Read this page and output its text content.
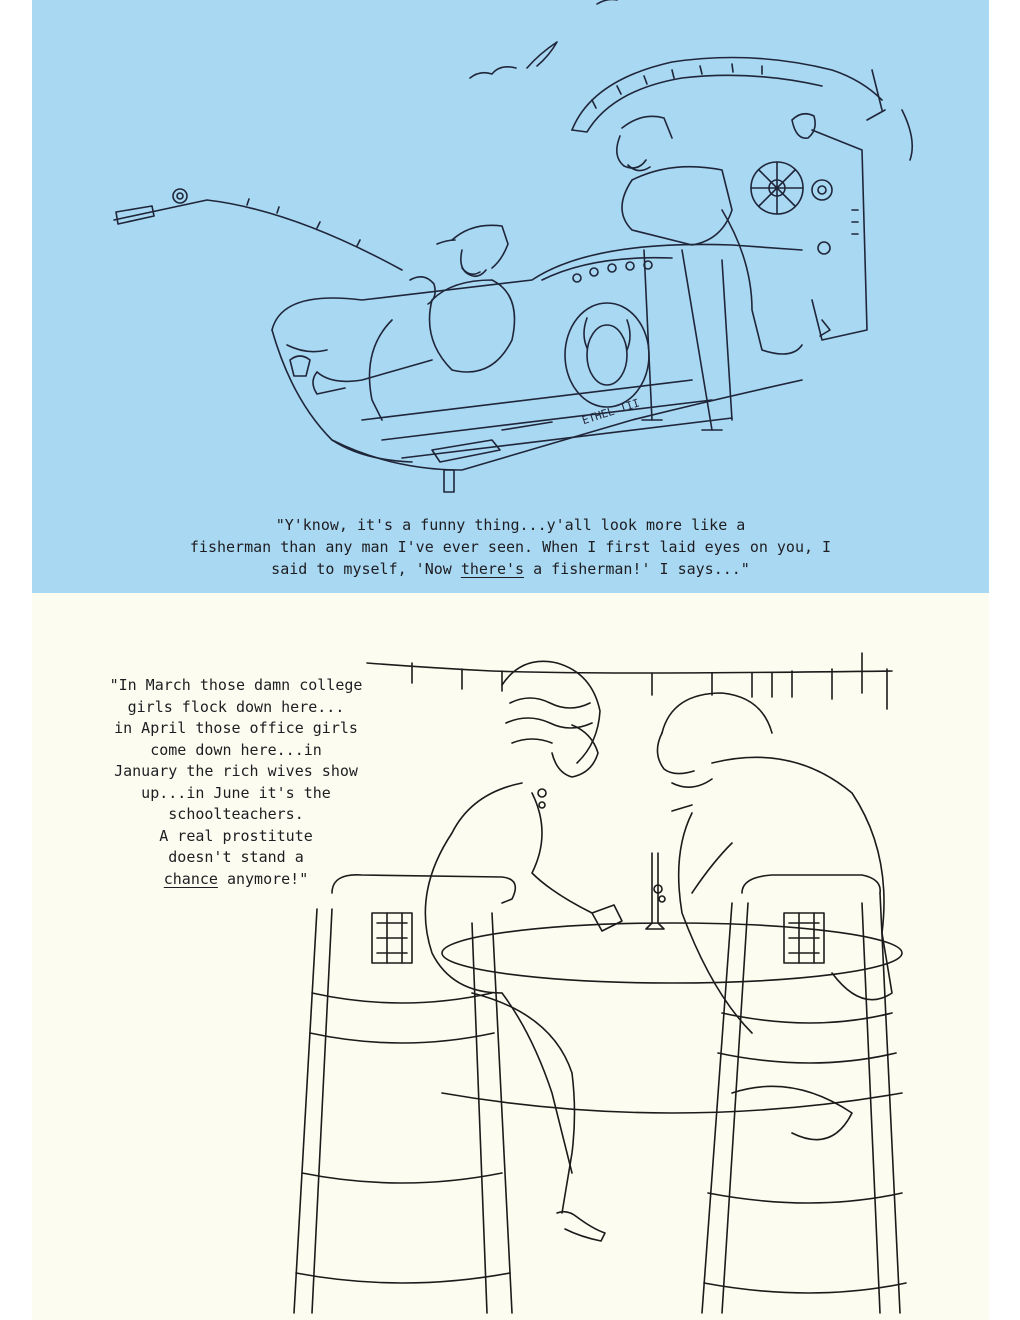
ETHEL III
"Y'know, it's a funny thing...y'all look more like a
fisherman than any man I've ever seen. When I first laid eyes on you, I
said to myself, 'Now there's a fisherman!' I says..."
"In March those damn college
girls flock down here...
in April those office girls
come down here...in
January the rich wives show
up...in June it's the
schoolteachers.
A real prostitute
doesn't stand a
chance anymore!"
